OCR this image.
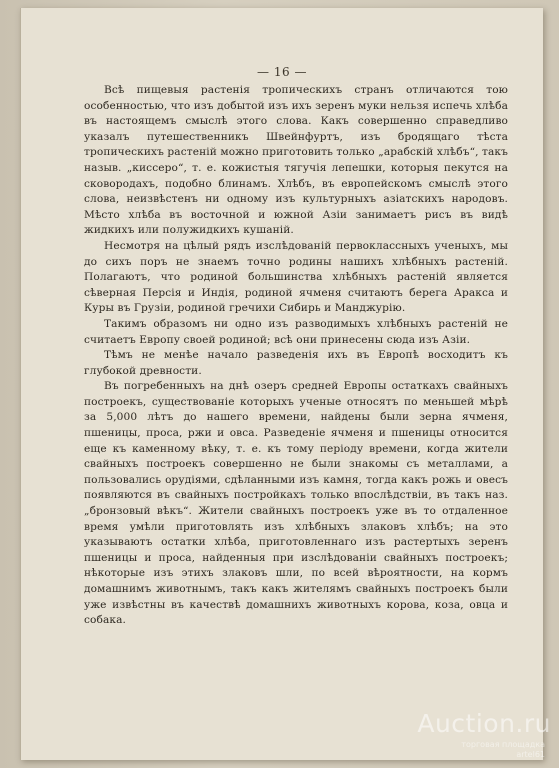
— 16 —

Всѣ пищевыя растенія тропическихъ странъ отличаются тою особенностью, что изъ добытой изъ ихъ зеренъ муки нельзя испечь хлѣба въ настоящемъ смыслѣ этого слова. Какъ совершенно справедливо указалъ путешественникъ Швейнфуртъ, изъ бродящаго тѣста тропическихъ растеній можно приготовить только „арабскій хлѣбъ“, такъ назыв. „киссеро“, т. е. кожистыя тягучія лепешки, которыя пекутся на сковородахъ, подобно блинамъ. Хлѣбъ, въ европейскомъ смыслѣ этого слова, неизвѣстенъ ни одному изъ культурныхъ азіатскихъ народовъ. Мѣсто хлѣба въ восточной и южной Азіи занимаетъ рисъ въ видѣ жидкихъ или полужидкихъ кушаній.

Несмотря на цѣлый рядъ изслѣдованій первоклассныхъ ученыхъ, мы до сихъ поръ не знаемъ точно родины нашихъ хлѣбныхъ растеній. Полагаютъ, что родиной большинства хлѣбныхъ растеній является сѣверная Персія и Индія, родиной ячменя считаютъ берега Аракса и Куры въ Грузіи, родиной гречихи Сибирь и Манджурію.

Такимъ образомъ ни одно изъ разводимыхъ хлѣбныхъ растеній не считаетъ Европу своей родиной; всѣ они принесены сюда изъ Азіи.

Тѣмъ не менѣе начало разведенія ихъ въ Европѣ восходитъ къ глубокой древности.

Въ погребенныхъ на днѣ озеръ средней Европы остаткахъ свайныхъ построекъ, существованіе которыхъ ученые относятъ по меньшей мѣрѣ за 5,000 лѣтъ до нашего времени, найдены были зерна ячменя, пшеницы, проса, ржи и овса. Разведеніе ячменя и пшеницы относится еще къ каменному вѣку, т. е. къ тому періоду времени, когда жители свайныхъ построекъ совершенно не были знакомы съ металлами, а пользовались орудіями, сдѣланными изъ камня, тогда какъ рожь и овесъ появляются въ свайныхъ постройкахъ только впослѣдствіи, въ такъ наз. „бронзовый вѣкъ“. Жители свайныхъ построекъ уже въ то отдаленное время умѣли приготовлять изъ хлѣбныхъ злаковъ хлѣбъ; на это указываютъ остатки хлѣба, приготовленнаго изъ растертыхъ зеренъ пшеницы и проса, найденныя при изслѣдованіи свайныхъ построекъ; нѣкоторые изъ этихъ злаковъ шли, по всей вѣроятности, на кормъ домашнимъ животнымъ, такъ какъ жителямъ свайныхъ построекъ были уже извѣстны въ качествѣ домашнихъ животныхъ корова, коза, овца и собака.

Auction.ru
торговая площадка
artel61
